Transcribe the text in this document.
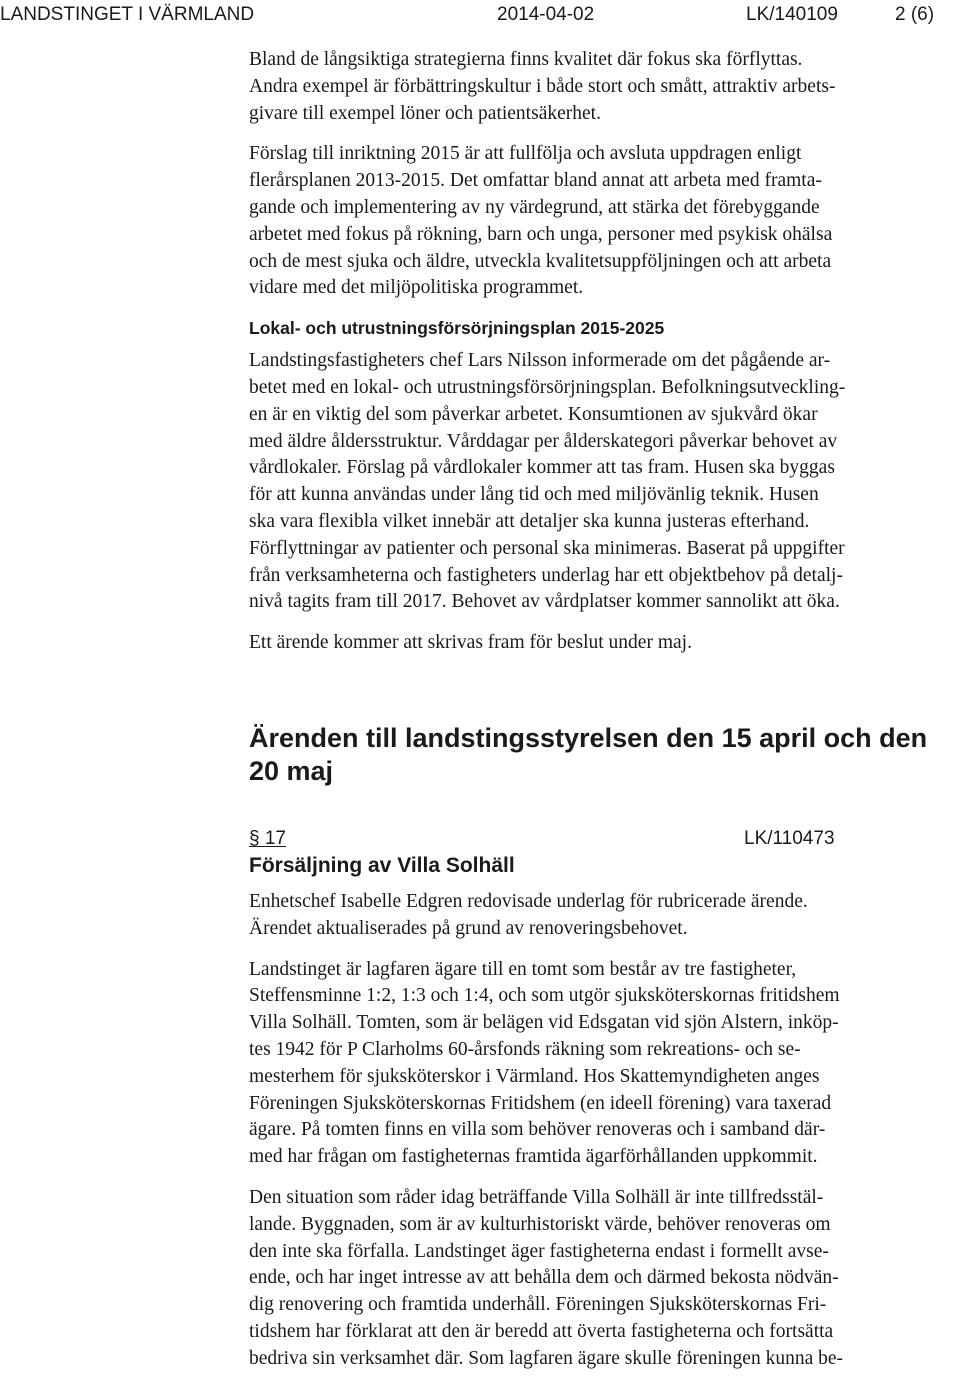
LANDSTINGET I VÄRMLAND	2014-04-02	LK/140109	2 (6)

Bland de långsiktiga strategierna finns kvalitet där fokus ska förflyttas.
Andra exempel är förbättringskultur i både stort och smått, attraktiv arbets-
givare till exempel löner och patientsäkerhet.

Förslag till inriktning 2015 är att fullfölja och avsluta uppdragen enligt
flerårsplanen 2013-2015. Det omfattar bland annat att arbeta med framta-
gande och implementering av ny värdegrund, att stärka det förebyggande
arbetet med fokus på rökning, barn och unga, personer med psykisk ohälsa
och de mest sjuka och äldre, utveckla kvalitetsuppföljningen och att arbeta
vidare med det miljöpolitiska programmet.

Lokal- och utrustningsförsörjningsplan 2015-2025

Landstingsfastigheters chef Lars Nilsson informerade om det pågående ar-
betet med en lokal- och utrustningsförsörjningsplan. Befolkningsutveckling-
en är en viktig del som påverkar arbetet. Konsumtionen av sjukvård ökar
med äldre åldersstruktur. Vårddagar per ålderskategori påverkar behovet av
vårdlokaler. Förslag på vårdlokaler kommer att tas fram. Husen ska byggas
för att kunna användas under lång tid och med miljövänlig teknik. Husen
ska vara flexibla vilket innebär att detaljer ska kunna justeras efterhand.
Förflyttningar av patienter och personal ska minimeras. Baserat på uppgifter
från verksamheterna och fastigheters underlag har ett objektbehov på detalj-
nivå tagits fram till 2017. Behovet av vårdplatser kommer sannolikt att öka.

Ett ärende kommer att skrivas fram för beslut under maj.

Ärenden till landstingsstyrelsen den 15 april och den
20 maj
§ 17	LK/110473
Försäljning av Villa Solhäll

Enhetschef Isabelle Edgren redovisade underlag för rubricerade ärende.
Ärendet aktualiserades på grund av renoveringsbehovet.

Landstinget är lagfaren ägare till en tomt som består av tre fastigheter,
Steffensminne 1:2, 1:3 och 1:4, och som utgör sjuksköterskornas fritidshem
Villa Solhäll. Tomten, som är belägen vid Edsgatan vid sjön Alstern, inköp-
tes 1942 för P Clarholms 60-årsfonds räkning som rekreations- och se-
mesterhem för sjuksköterskor i Värmland. Hos Skattemyndigheten anges
Föreningen Sjuksköterskornas Fritidshem (en ideell förening) vara taxerad
ägare. På tomten finns en villa som behöver renoveras och i samband där-
med har frågan om fastigheternas framtida ägarförhållanden uppkommit.

Den situation som råder idag beträffande Villa Solhäll är inte tillfredsstäl-
lande. Byggnaden, som är av kulturhistoriskt värde, behöver renoveras om
den inte ska förfalla. Landstinget äger fastigheterna endast i formellt avse-
ende, och har inget intresse av att behålla dem och därmed bekosta nödvän-
dig renovering och framtida underhåll. Föreningen Sjuksköterskornas Fri-
tidshem har förklarat att den är beredd att överta fastigheterna och fortsätta
bedriva sin verksamhet där. Som lagfaren ägare skulle föreningen kunna be-
